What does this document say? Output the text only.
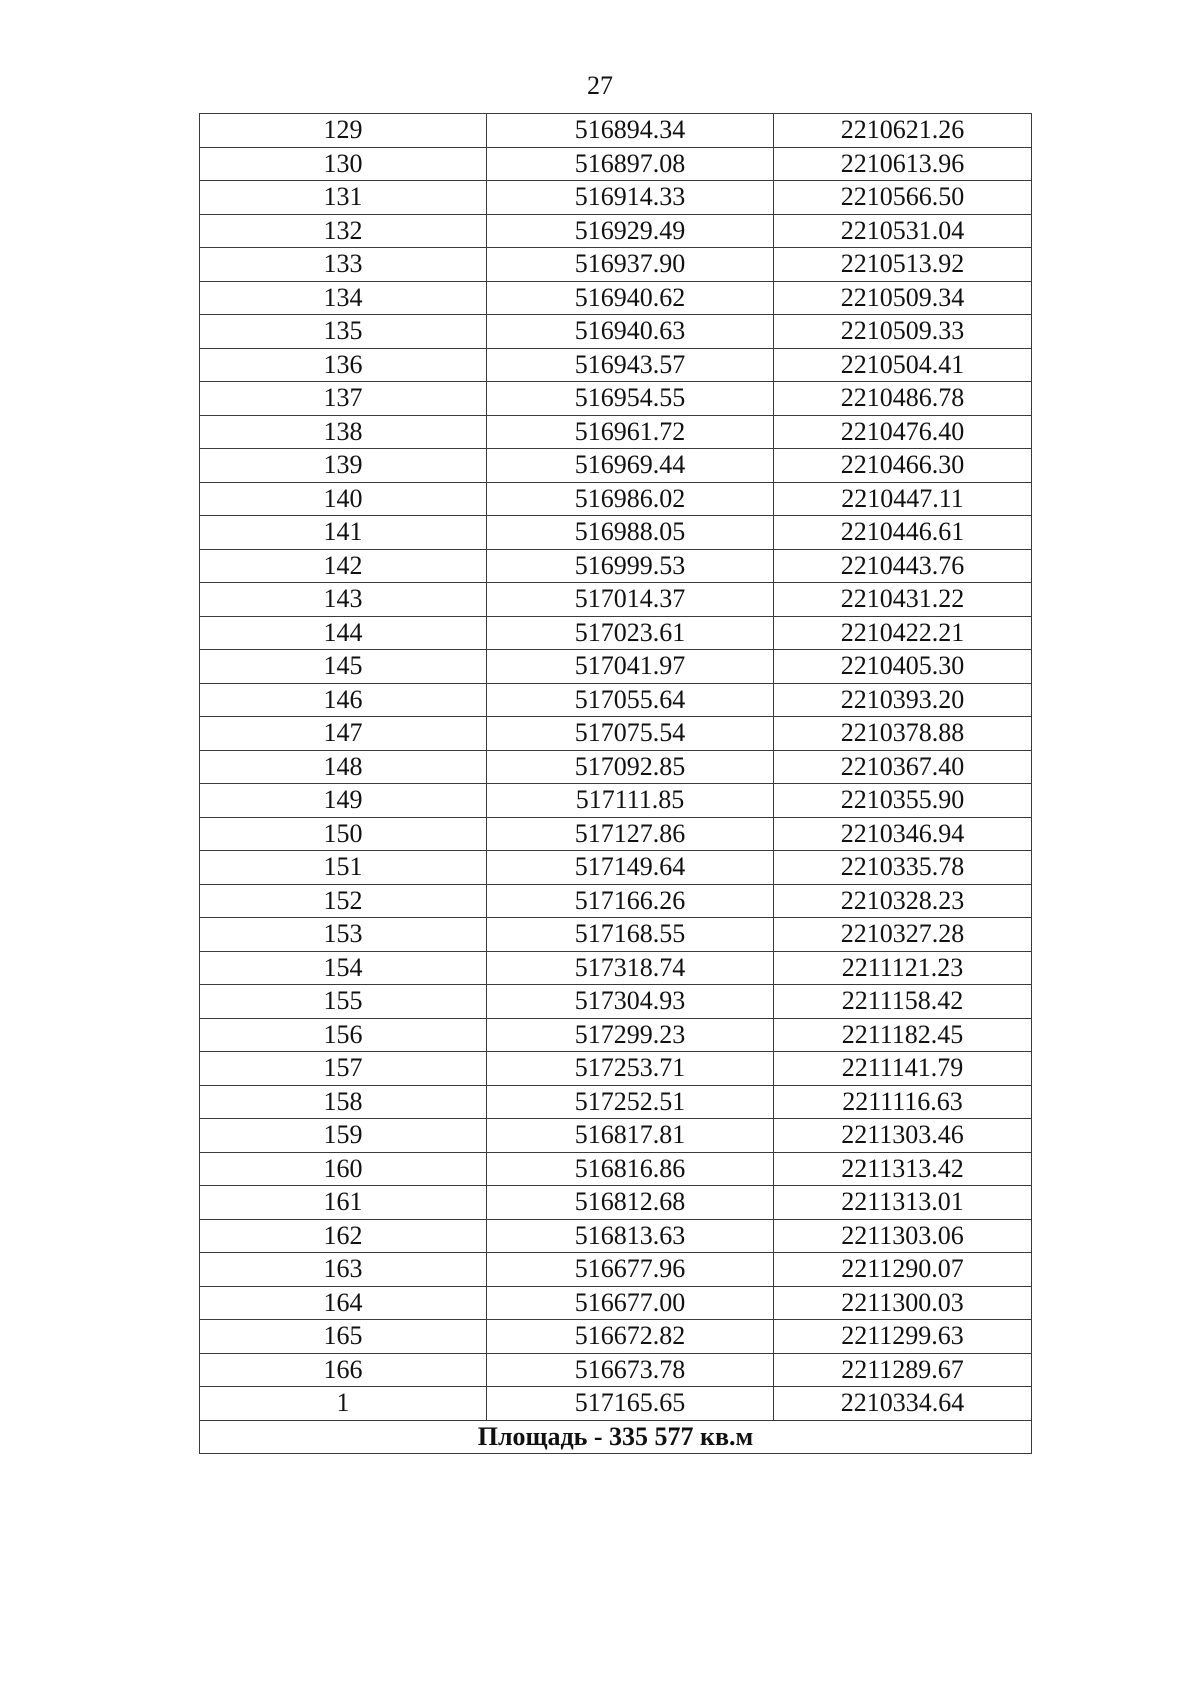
27
129	516894.34	2210621.26
130	516897.08	2210613.96
131	516914.33	2210566.50
132	516929.49	2210531.04
133	516937.90	2210513.92
134	516940.62	2210509.34
135	516940.63	2210509.33
136	516943.57	2210504.41
137	516954.55	2210486.78
138	516961.72	2210476.40
139	516969.44	2210466.30
140	516986.02	2210447.11
141	516988.05	2210446.61
142	516999.53	2210443.76
143	517014.37	2210431.22
144	517023.61	2210422.21
145	517041.97	2210405.30
146	517055.64	2210393.20
147	517075.54	2210378.88
148	517092.85	2210367.40
149	517111.85	2210355.90
150	517127.86	2210346.94
151	517149.64	2210335.78
152	517166.26	2210328.23
153	517168.55	2210327.28
154	517318.74	2211121.23
155	517304.93	2211158.42
156	517299.23	2211182.45
157	517253.71	2211141.79
158	517252.51	2211116.63
159	516817.81	2211303.46
160	516816.86	2211313.42
161	516812.68	2211313.01
162	516813.63	2211303.06
163	516677.96	2211290.07
164	516677.00	2211300.03
165	516672.82	2211299.63
166	516673.78	2211289.67
1	517165.65	2210334.64
Площадь - 335 577 кв.м		
